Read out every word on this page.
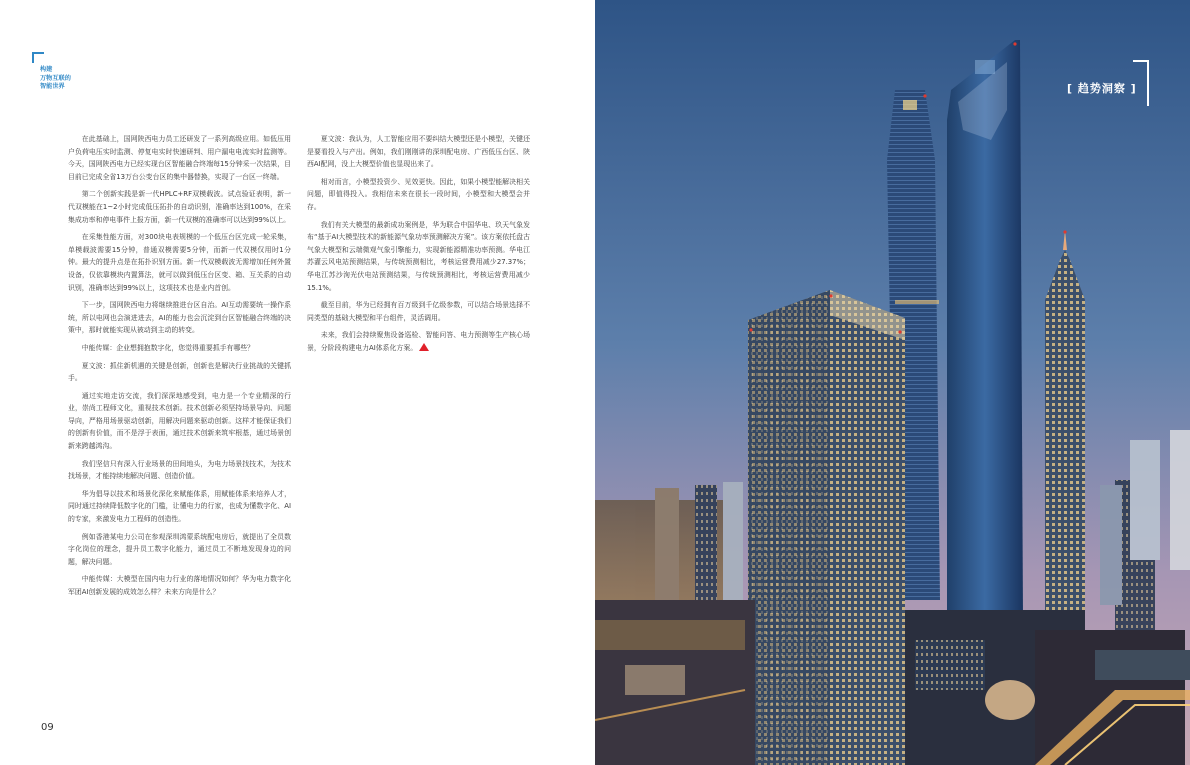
构建
万物互联的
智能世界

在此基础上，国网陕西电力员工还研发了一系列高级应用。如低压用户负荷电压实时监测、停复电实时快速研判、用户漏电电流实时监测等。今天，国网陕西电力已经实现台区智能融合终端每15分钟采一次结果，目目前已完成全省13万台公变台区的集中器替换，实现了一台区一终端。

第二个创新实践是新一代HPLC+RF双模载波。试点验证表明，新一代双模能在1~2小时完成低压拓扑的自动识别，准确率达到100%，在采集成功率和停电事件上报方面，新一代双模的准确率可以达到99%以上。

在采集性能方面，对300块电表规模的一个低压台区完成一轮采集，单模载波需要15分钟，普通双模需要5分钟，而新一代双模仅用时1分钟。最大的提升点是在拓扑识别方面。新一代双模载波无需增加任何外置设备，仅依靠模块内置算法，就可以做到低压台区变、箱、互关系的自动识别，准确率达到99%以上，这项技术也是业内首创。

下一步，国网陕西电力将继续推进台区自治。AI互动需要统一操作系统，所以电网也会演进进去，AI的能力也会沉淀到台区智能融合终端的决策中，那时就能实现从被动到主动的转变。

中能传媒：企业想拥抱数字化，您觉得重要抓手有哪些？

夏文波：抓住新机遇的关键是创新，创新也是解决行业挑战的关键抓手。

通过实地走访交流，我们深深地感受到，电力是一个专业精深的行业，崇尚工程师文化，重视技术创新。技术创新必须坚持场景导向、问题导向，严格用场景驱动创新，用解决问题来驱动创新。这样才能保证我们的创新有价值，而不是浮于表面，通过技术创新来筑牢根基，通过场景创新来跨越鸿沟。

我们坚信只有深入行业场景的田间地头，为电力场景找技术，为技术找场景，才能持续地解决问题、创造价值。

华为倡导以技术和场景化深化来赋能体系，用赋能体系来培养人才，同时通过持续降低数字化的门槛，让懂电力的行家，也成为懂数字化、AI的专家，来激发电力工程师的创造性。

例如香港某电力公司在参观深圳鸿蒙系统配电房后，就提出了全员数字化岗位的理念，提升员工数字化能力，通过员工不断地发现身边的问题，解决问题。

中能传媒：大模型在国内电力行业的落地情况如何？华为电力数字化军团AI创新发展的成效怎么样？未来方向是什么？

夏文波：我认为，人工智能应用不要纠结大模型还是小模型，关键还是要看投入与产出。例如，我们刚刚讲的深圳配电房、广西低压台区、陕西AI配网，没上大模型价值也显现出来了。

相对而言，小模型投资少、见效更快。因此，如果小模型能解决相关问题，即值得投入。我相信未来在很长一段时间，小模型和大模型会并存。

我们有关大模型的最新成功案例是，华为联合中国华电、玖天气象发布“基于AI大模型技术的新能源气象功率预测解决方案”。该方案依托盘古气象大模型和云端微观气象引擎能力，实现新能源精准功率预测。华电江苏灌云风电站预测结果，与传统预测相比，考核运营费用减少27.37%；华电江苏沙洵光伏电站预测结果，与传统预测相比，考核运营费用减少15.1%。

截至目前，华为已经拥有百万级到千亿级参数，可以结合场景选择不同类型的基础大模型和平台组件，灵活调用。

未来，我们会持续聚焦设备巡检、智能问答、电力预测等生产核心场景，分阶段构建电力AI体系化方案。

09
[ 趋势洞察 ]
